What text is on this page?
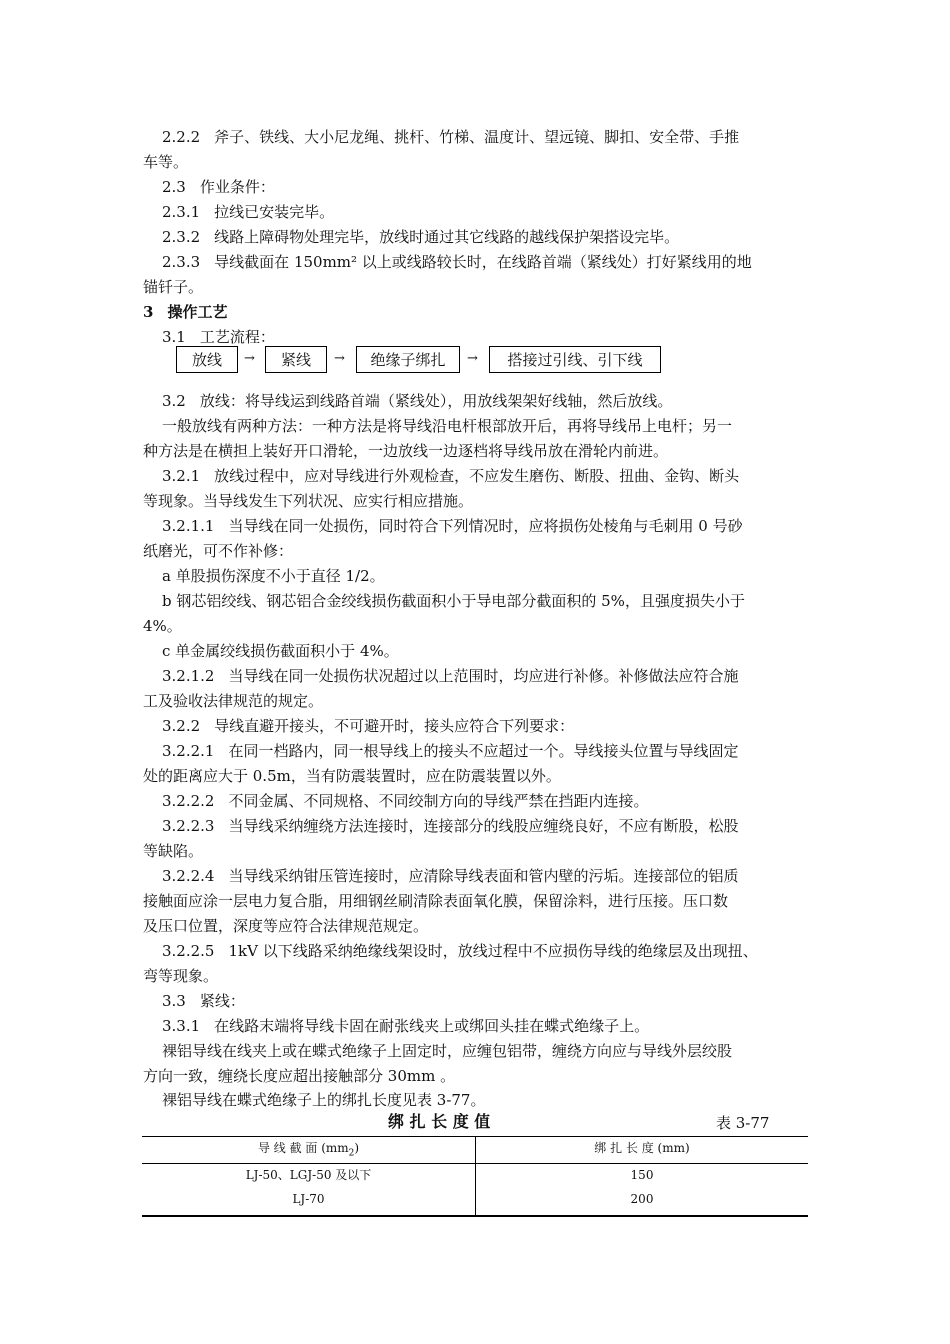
2.2.2 斧子、铁线、大小尼龙绳、挑杆、竹梯、温度计、望远镜、脚扣、安全带、手推
车等。
2.3 作业条件：
2.3.1 拉线已安装完毕。
2.3.2 线路上障碍物处理完毕，放线时通过其它线路的越线保护架搭设完毕。
2.3.3 导线截面在 150mm² 以上或线路较长时，在线路首端（紧线处）打好紧线用的地
锚钎子。
3 操作工艺
3.1 工艺流程：
放线	→	紧线	→	绝缘子绑扎	→	搭接过引线、引下线
3.2 放线：将导线运到线路首端（紧线处），用放线架架好线轴，然后放线。
一般放线有两种方法：一种方法是将导线沿电杆根部放开后，再将导线吊上电杆；另一
种方法是在横担上装好开口滑轮，一边放线一边逐档将导线吊放在滑轮内前进。
3.2.1 放线过程中，应对导线进行外观检查，不应发生磨伤、断股、扭曲、金钩、断头
等现象。当导线发生下列状况、应实行相应措施。
3.2.1.1 当导线在同一处损伤，同时符合下列情况时，应将损伤处棱角与毛刺用 0 号砂
纸磨光，可不作补修：
a 单股损伤深度不小于直径 1/2。
b 钢芯铝绞线、钢芯铝合金绞线损伤截面积小于导电部分截面积的 5%，且强度损失小于
4%。
c 单金属绞线损伤截面积小于 4%。
3.2.1.2 当导线在同一处损伤状况超过以上范围时，均应进行补修。补修做法应符合施
工及验收法律规范的规定。
3.2.2 导线直避开接头，不可避开时，接头应符合下列要求：
3.2.2.1 在同一档路内，同一根导线上的接头不应超过一个。导线接头位置与导线固定
处的距离应大于 0.5m，当有防震装置时，应在防震装置以外。
3.2.2.2 不同金属、不同规格、不同绞制方向的导线严禁在挡距内连接。
3.2.2.3 当导线采纳缠绕方法连接时，连接部分的线股应缠绕良好，不应有断股，松股
等缺陷。
3.2.2.4 当导线采纳钳压管连接时，应清除导线表面和管内壁的污垢。连接部位的铝质
接触面应涂一层电力复合脂，用细钢丝刷清除表面氧化膜，保留涂料，进行压接。压口数
及压口位置，深度等应符合法律规范规定。
3.2.2.5 1kV 以下线路采纳绝缘线架设时，放线过程中不应损伤导线的绝缘层及出现扭、
弯等现象。
3.3 紧线：
3.3.1 在线路末端将导线卡固在耐张线夹上或绑回头挂在蝶式绝缘子上。
裸铝导线在线夹上或在蝶式绝缘子上固定时，应缠包铝带，缠绕方向应与导线外层绞股
方向一致，缠绕长度应超出接触部分 30mm 。
裸铝导线在蝶式绝缘子上的绑扎长度见表 3-77。
绑 扎 长 度 值	表 3-77
导 线 截 面 $(mm_2)$	绑 扎 长 度 (mm)
LJ-50、LGJ-50 及以下	150
LJ-70	200
